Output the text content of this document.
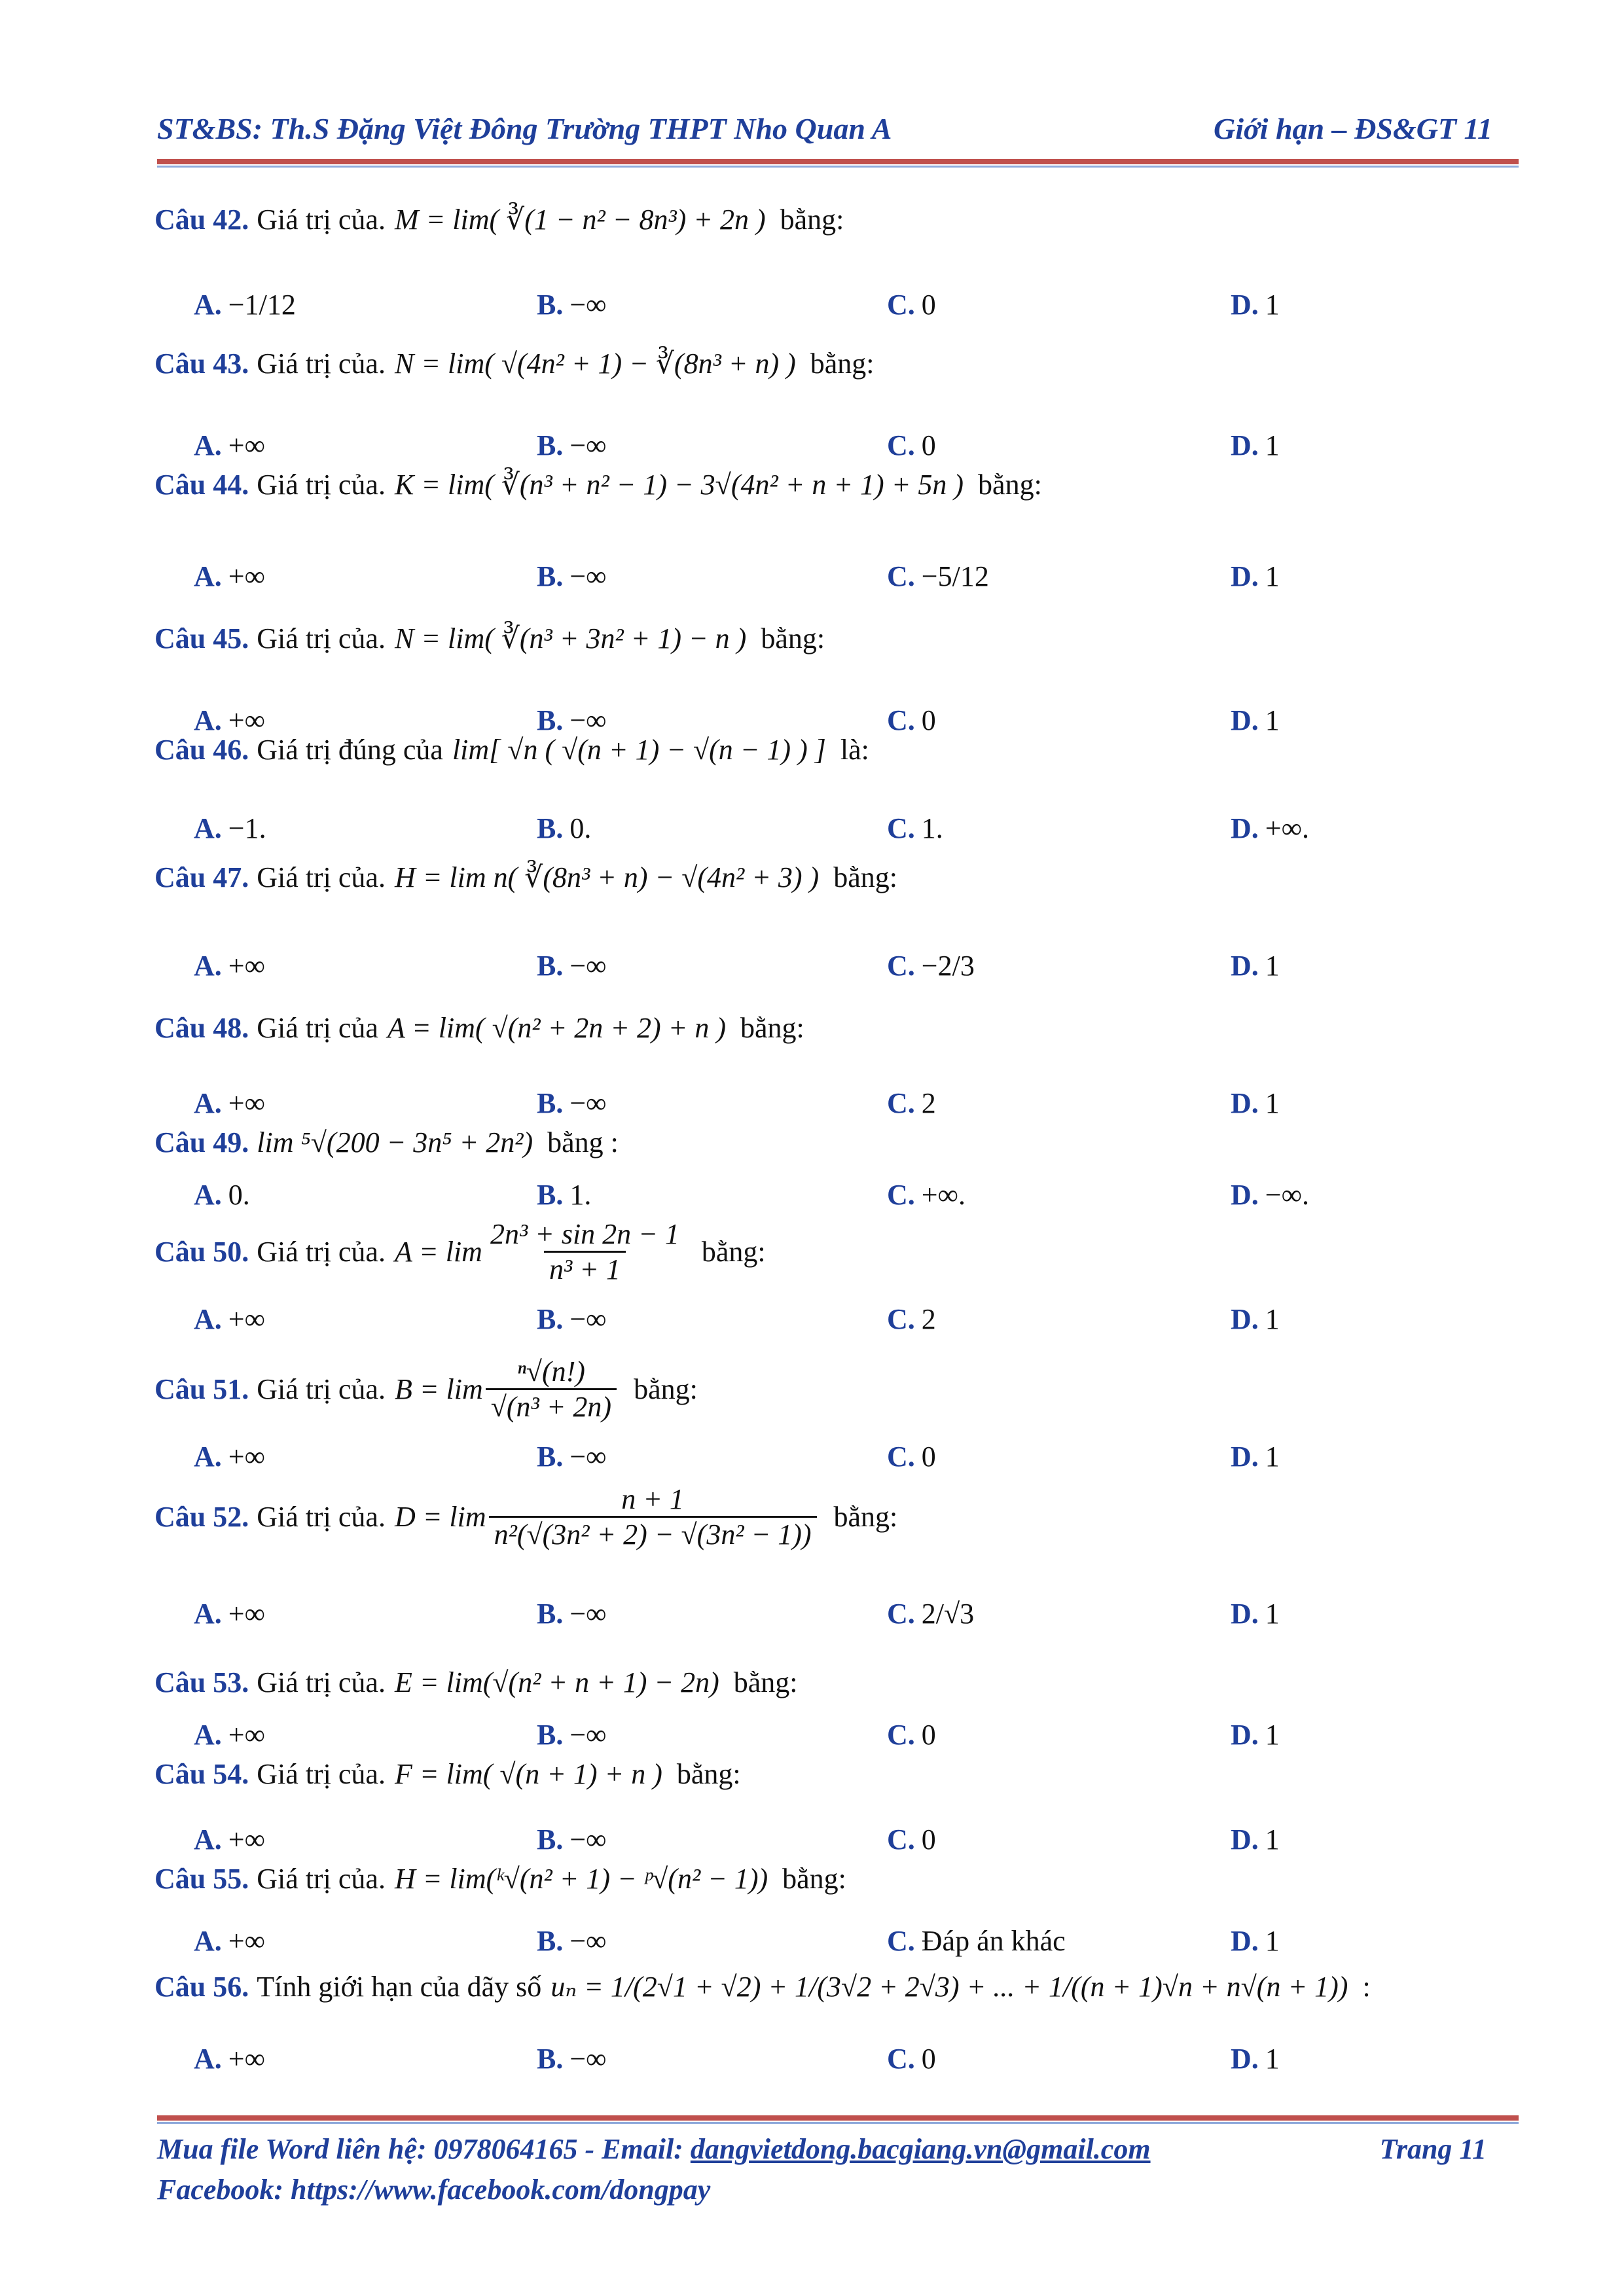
ST&BS: Th.S Đặng Việt Đông Trường THPT Nho Quan A	Giới hạn – ĐS&GT 11
Câu 42. Giá trị của. M = lim( ∛(1 − n² − 8n³) + 2n ) bằng:
A. −1/12	B. −∞	C. 0	D. 1
Câu 43. Giá trị của. N = lim( √(4n² + 1) − ∛(8n³ + n) ) bằng:
A. +∞	B. −∞	C. 0	D. 1
Câu 44. Giá trị của. K = lim( ∛(n³ + n² − 1) − 3√(4n² + n + 1) + 5n ) bằng:
A. +∞	B. −∞	C. −5/12	D. 1
Câu 45. Giá trị của. N = lim( ∛(n³ + 3n² + 1) − n ) bằng:
A. +∞	B. −∞	C. 0	D. 1
Câu 46. Giá trị đúng của lim[ √n ( √(n + 1) − √(n − 1) ) ] là:
A. −1.	B. 0.	C. 1.	D. +∞.
Câu 47. Giá trị của. H = lim n( ∛(8n³ + n) − √(4n² + 3) ) bằng:
A. +∞	B. −∞	C. −2/3	D. 1
Câu 48. Giá trị của A = lim( √(n² + 2n + 2) + n ) bằng:
A. +∞	B. −∞	C. 2	D. 1
Câu 49. lim ⁵√(200 − 3n⁵ + 2n²) bằng :
A. 0.	B. 1.	C. +∞.	D. −∞.
Câu 50. Giá trị của. $A = \lim \frac{\text{2n³ + sin 2n − 1}}{\text{n³ + 1}}$ bằng:
A. +∞	B. −∞	C. 2	D. 1
Câu 51. Giá trị của. $B = \lim \frac{\text{ⁿ√(n!)}}{\text{√(n³ + 2n)}}$ bằng:
A. +∞	B. −∞	C. 0	D. 1
Câu 52. Giá trị của. $D = \lim \frac{n + 1}{\text{n²(√(3n² + 2) − √(3n² − 1))}}$ bằng:
A. +∞	B. −∞	C. 2/√3	D. 1
Câu 53. Giá trị của. E = lim(√(n² + n + 1) − 2n) bằng:
A. +∞	B. −∞	C. 0	D. 1
Câu 54. Giá trị của. F = lim( √(n + 1) + n ) bằng:
A. +∞	B. −∞	C. 0	D. 1
Câu 55. Giá trị của. H = lim(ᵏ√(n² + 1) − ᵖ√(n² − 1)) bằng:
A. +∞	B. −∞	C. Đáp án khác	D. 1
Câu 56. Tính giới hạn của dãy số uₙ = 1/(2√1 + √2) + 1/(3√2 + 2√3) + ... + 1/((n + 1)√n + n√(n + 1)) :
A. +∞	B. −∞	C. 0	D. 1
Mua file Word liên hệ: 0978064165 - Email: dangvietdong.bacgiang.vn@gmail.com	Trang 11
Facebook: https://www.facebook.com/dongpay
